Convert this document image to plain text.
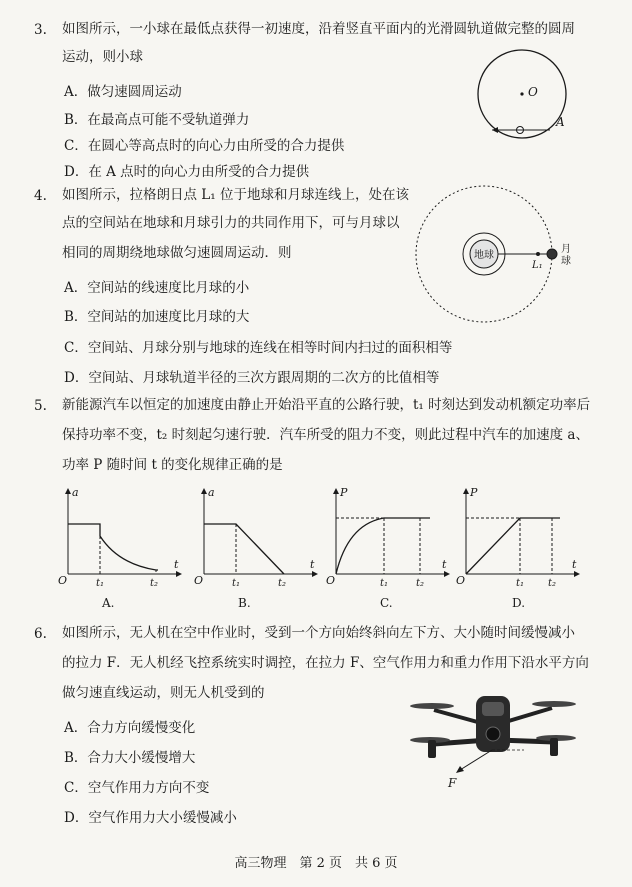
3. 如图所示，一小球在最低点获得一初速度，沿着竖直平面内的光滑圆轨道做完整的圆周
运动，则小球
A．做匀速圆周运动
B．在最高点可能不受轨道弹力
C．在圆心等高点时的向心力由所受的合力提供
D．在 A 点时的向心力由所受的合力提供
O
A
4. 如图所示，拉格朗日点 L₁ 位于地球和月球连线上，处在该
点的空间站在地球和月球引力的共同作用下，可与月球以
相同的周期绕地球做匀速圆周运动．则
A．空间站的线速度比月球的小
B．空间站的加速度比月球的大
C．空间站、月球分别与地球的连线在相等时间内扫过的面积相等
D．空间站、月球轨道半径的三次方跟周期的二次方的比值相等
地球
L₁
月
球
5. 新能源汽车以恒定的加速度由静止开始沿平直的公路行驶，t₁ 时刻达到发动机额定功率后
保持功率不变，t₂ 时刻起匀速行驶．汽车所受的阻力不变，则此过程中汽车的加速度 a、
功率 P 随时间 t 的变化规律正确的是
a
t
O	t₁	t₂
A.
a
t
O	t₁	t₂
B.
P
t
O	t₁	t₂
C.
P
t
O	t₁ t₂
D.
6. 如图所示，无人机在空中作业时，受到一个方向始终斜向左下方、大小随时间缓慢减小
的拉力 F．无人机经飞控系统实时调控，在拉力 F、空气作用力和重力作用下沿水平方向
做匀速直线运动，则无人机受到的
A．合力方向缓慢变化
B．合力大小缓慢增大
C．空气作用力方向不变
D．空气作用力大小缓慢减小
F
高三物理　第 2 页　共 6 页
